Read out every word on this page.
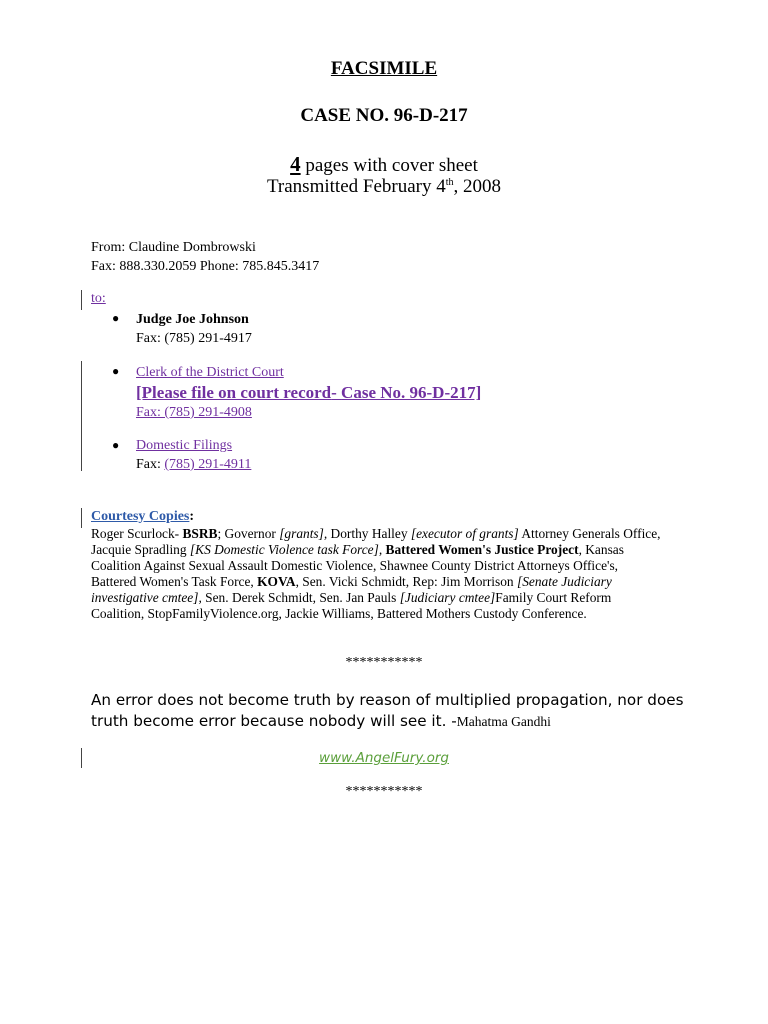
FACSIMILE
CASE NO. 96-D-217
4 pages with cover sheet
Transmitted February 4th, 2008
From: Claudine Dombrowski
Fax: 888.330.2059 Phone: 785.845.3417
to:
● Judge Joe Johnson
Fax: (785) 291-4917
● Clerk of the District Court
[Please file on court record- Case No. 96-D-217]
Fax: (785) 291-4908
● Domestic Filings
Fax: (785) 291-4911
Courtesy Copies:
Roger Scurlock- BSRB; Governor [grants], Dorthy Halley [executor of grants] Attorney Generals Office, Jacquie Spradling [KS Domestic Violence task Force], Battered Women's Justice Project, Kansas Coalition Against Sexual Assault Domestic Violence, Shawnee County District Attorneys Office's, Battered Women's Task Force, KOVA, Sen. Vicki Schmidt, Rep: Jim Morrison [Senate Judiciary investigative cmtee], Sen. Derek Schmidt, Sen. Jan Pauls [Judiciary cmtee]Family Court Reform Coalition, StopFamilyViolence.org, Jackie Williams, Battered Mothers Custody Conference.
***********
An error does not become truth by reason of multiplied propagation, nor does truth become error because nobody will see it. -Mahatma Gandhi
www.AngelFury.org
***********
